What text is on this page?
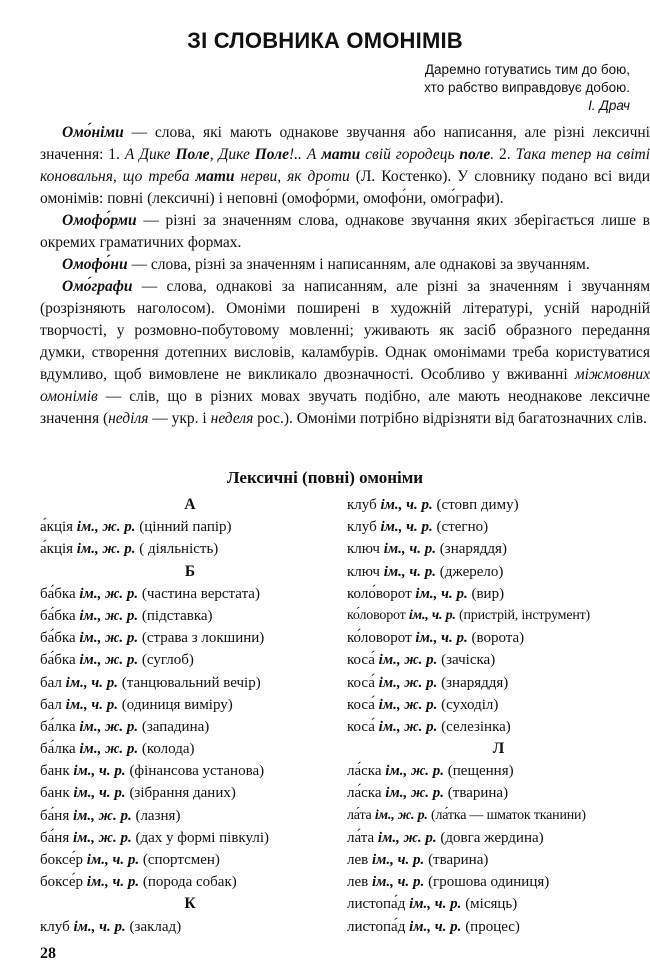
ЗІ СЛОВНИКА ОМОНІМІВ
Даремно готуватись тим до бою,
хто рабство виправдовує добою.
І. Драч

Омо́німи — слова, які мають однакове звучання або написання, але різні лексичні значення: 1. А Дике Поле, Дике Поле!.. А мати свій городець поле. 2. Така тепер на світі коновальня, що треба мати нерви, як дроти (Л. Костенко). У словнику подано всі види омонімів: повні (лексичні) і неповні (омофо́рми, омофо́ни, омо́графи).

Омофо́рми — різні за значенням слова, однакове звучання яких зберігається лише в окремих граматичних формах.

Омофо́ни — слова, різні за значенням і написанням, але однакові за звучанням.

Омо́графи — слова, однакові за написанням, але різні за значенням і звучанням (розрізняють наголосом). Омоніми поширені в художній літературі, усній народній творчості, у розмовно-побутовому мовленні; уживають як засіб образного передання думки, створення дотепних висловів, каламбурів. Однак омонімами треба користуватися вдумливо, щоб вимовлене не викликало двозначності. Особливо у вживанні міжмовних омонімів — слів, що в різних мовах звучать подібно, але мають неоднакове лексичне значення (неділя — укр. і неделя рос.). Омоніми потрібно відрізняти від багатозначних слів.

Лексичні (повні) омоніми
А
а́кція ім., ж. р. (цінний папір)
а́кція ім., ж. р. ( діяльність)
Б
ба́бка ім., ж. р. (частина верстата)
ба́бка ім., ж. р. (підставка)
ба́бка ім., ж. р. (страва з локшини)
ба́бка ім., ж. р. (суглоб)
бал ім., ч. р. (танцювальний вечір)
бал ім., ч. р. (одиниця виміру)
ба́лка ім., ж. р. (западина)
ба́лка ім., ж. р. (колода)
банк ім., ч. р. (фінансова установа)
банк ім., ч. р. (зібрання даних)
ба́ня ім., ж. р. (лазня)
ба́ня ім., ж. р. (дах у формі півкулі)
боксе́р ім., ч. р. (спортсмен)
боксе́р ім., ч. р. (порода собак)
К
клуб ім., ч. р. (заклад)
клуб ім., ч. р. (стовп диму)
клуб ім., ч. р. (стегно)
ключ ім., ч. р. (знаряддя)
ключ ім., ч. р. (джерело)
коло́ворот ім., ч. р. (вир)
ко́ловорот ім., ч. р. (пристрій, інструмент)
ко́ловорот ім., ч. р. (ворота)
коса́ ім., ж. р. (зачіска)
коса́ ім., ж. р. (знаряддя)
коса́ ім., ж. р. (суходіл)
коса́ ім., ж. р. (селезінка)
Л
ла́ска ім., ж. р. (пещення)
ла́ска ім., ж. р. (тварина)
ла́та ім., ж. р. (ла́тка — шматок тканини)
ла́та ім., ж. р. (довга жердина)
лев ім., ч. р. (тварина)
лев ім., ч. р. (грошова одиниця)
листопа́д ім., ч. р. (місяць)
листопа́д ім., ч. р. (процес)
28
